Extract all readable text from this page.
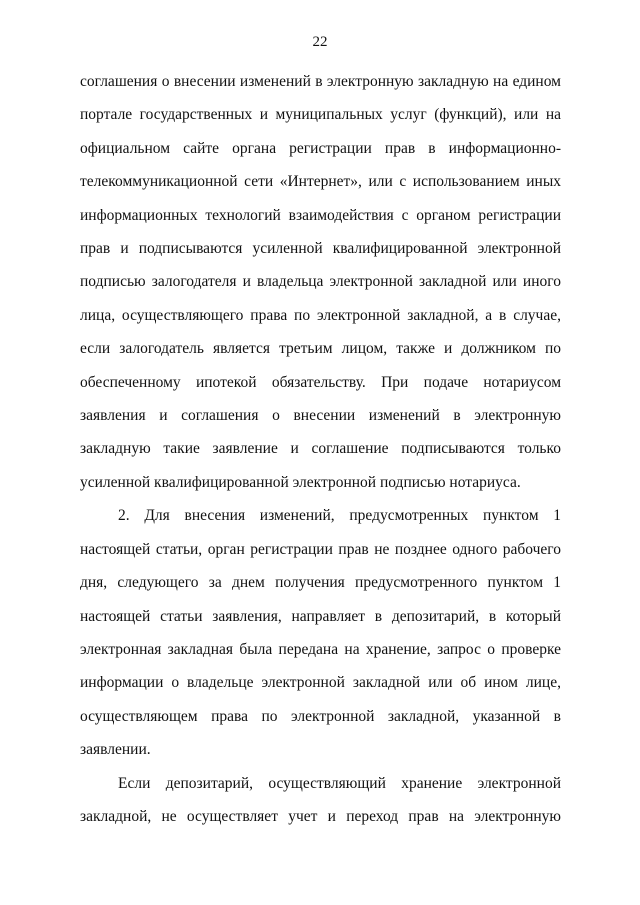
22

соглашения о внесении изменений в электронную закладную на едином портале государственных и муниципальных услуг (функций), или на официальном сайте органа регистрации прав в информационно-телекоммуникационной сети «Интернет», или с использованием иных информационных технологий взаимодействия с органом регистрации прав и подписываются усиленной квалифицированной электронной подписью залогодателя и владельца электронной закладной или иного лица, осуществляющего права по электронной закладной, а в случае, если залогодатель является третьим лицом, также и должником по обеспеченному ипотекой обязательству. При подаче нотариусом заявления и соглашения о внесении изменений в электронную закладную такие заявление и соглашение подписываются только усиленной квалифицированной электронной подписью нотариуса.

2. Для внесения изменений, предусмотренных пунктом 1 настоящей статьи, орган регистрации прав не позднее одного рабочего дня, следующего за днем получения предусмотренного пунктом 1 настоящей статьи заявления, направляет в депозитарий, в который электронная закладная была передана на хранение, запрос о проверке информации о владельце электронной закладной или об ином лице, осуществляющем права по электронной закладной, указанной в заявлении.

Если депозитарий, осуществляющий хранение электронной закладной, не осуществляет учет и переход прав на электронную
